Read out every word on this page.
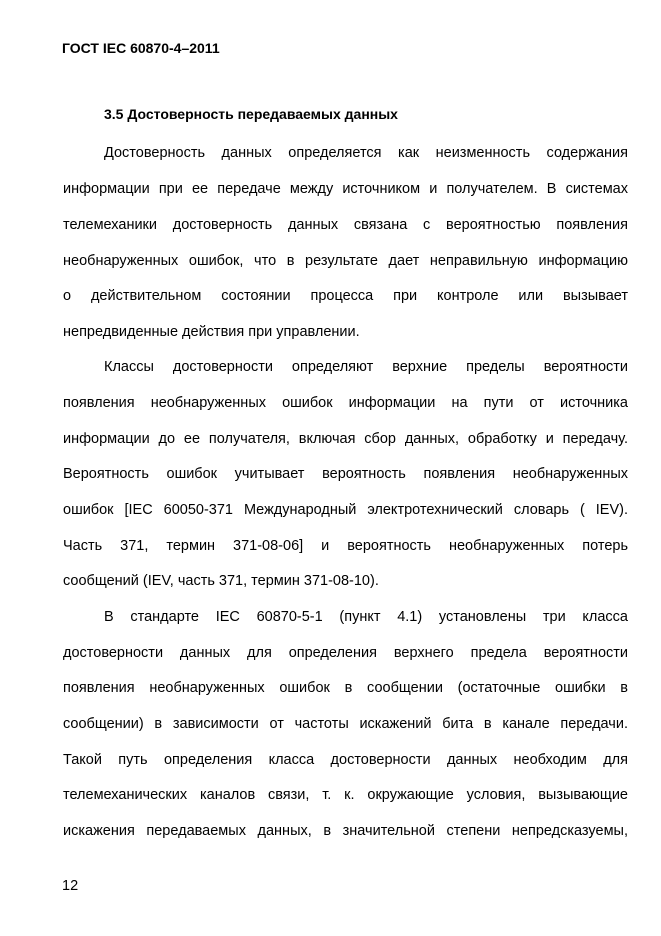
ГОСТ IEC 60870-4–2011
3.5 Достоверность передаваемых данных
Достоверность данных определяется как неизменность содержания
информации при ее передаче между источником и получателем. В системах
телемеханики достоверность данных связана с вероятностью появления
необнаруженных ошибок, что в результате дает неправильную информацию
о действительном состоянии процесса при контроле или вызывает
непредвиденные действия при управлении.
Классы достоверности определяют верхние пределы вероятности
появления необнаруженных ошибок информации на пути от источника
информации до ее получателя, включая сбор данных, обработку и передачу.
Вероятность ошибок учитывает вероятность появления необнаруженных
ошибок [IEC 60050-371 Международный электротехнический словарь ( IEV).
Часть 371, термин 371-08-06] и вероятность необнаруженных потерь
сообщений (IEV, часть 371, термин 371-08-10).
В стандарте IEC 60870-5-1 (пункт 4.1) установлены три класса
достоверности данных для определения верхнего предела вероятности
появления необнаруженных ошибок в сообщении (остаточные ошибки в
сообщении) в зависимости от частоты искажений бита в канале передачи.
Такой путь определения класса достоверности данных необходим для
телемеханических каналов связи, т. к. окружающие условия, вызывающие
искажения передаваемых данных, в значительной степени непредсказуемы,
12
